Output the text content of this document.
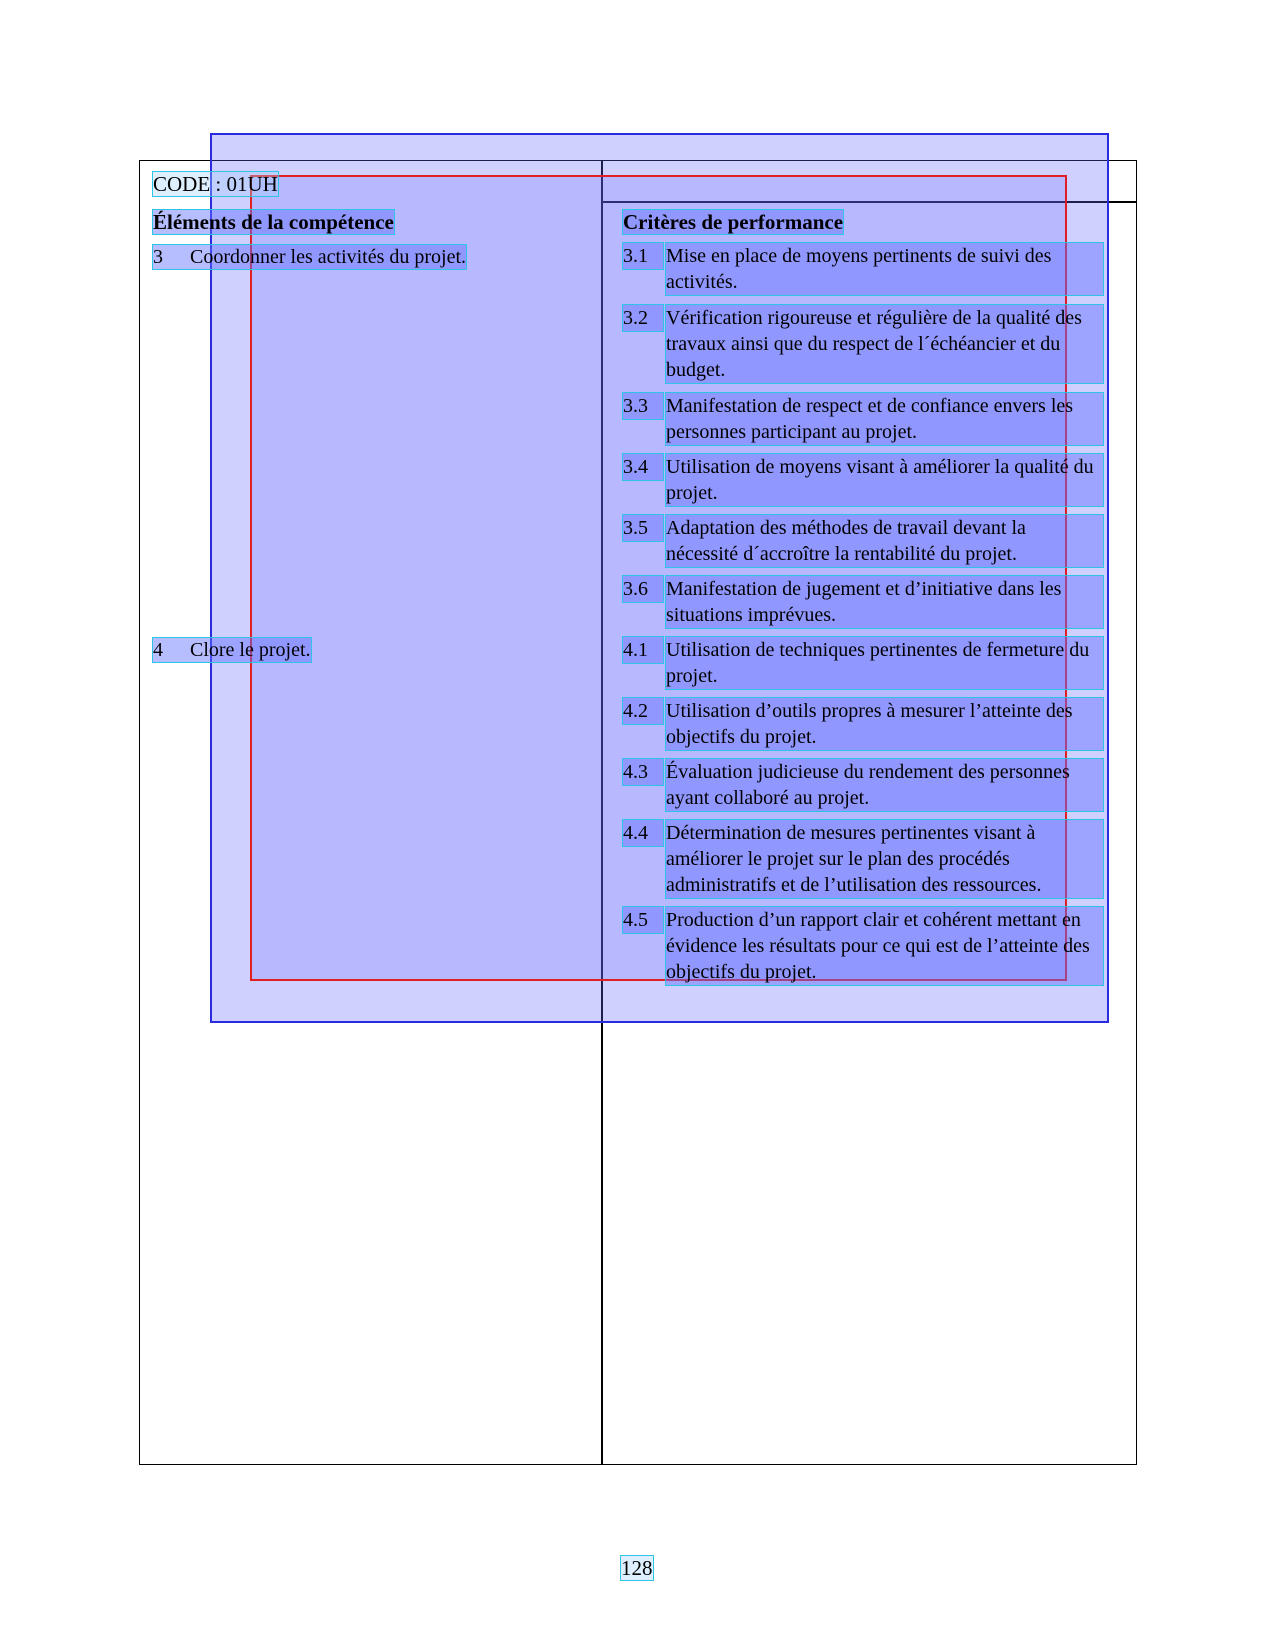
CODE : 01UH
Éléments de la compétence	Critères de performance
3 Coordonner les activités du projet.
4 Clore le projet.
3.1 Mise en place de moyens pertinents de suivi des activités.
3.2 Vérification rigoureuse et régulière de la qualité des travaux ainsi que du respect de l´échéancier et du budget.
3.3 Manifestation de respect et de confiance envers les personnes participant au projet.
3.4 Utilisation de moyens visant à améliorer la qualité du projet.
3.5 Adaptation des méthodes de travail devant la nécessité d´accroître la rentabilité du projet.
3.6 Manifestation de jugement et d’initiative dans les situations imprévues.
4.1 Utilisation de techniques pertinentes de fermeture du projet.
4.2 Utilisation d’outils propres à mesurer l’atteinte des objectifs du projet.
4.3 Évaluation judicieuse du rendement des personnes ayant collaboré au projet.
4.4 Détermination de mesures pertinentes visant à améliorer le projet sur le plan des procédés administratifs et de l’utilisation des ressources.
4.5 Production d’un rapport clair et cohérent mettant en évidence les résultats pour ce qui est de l’atteinte des objectifs du projet.
128
